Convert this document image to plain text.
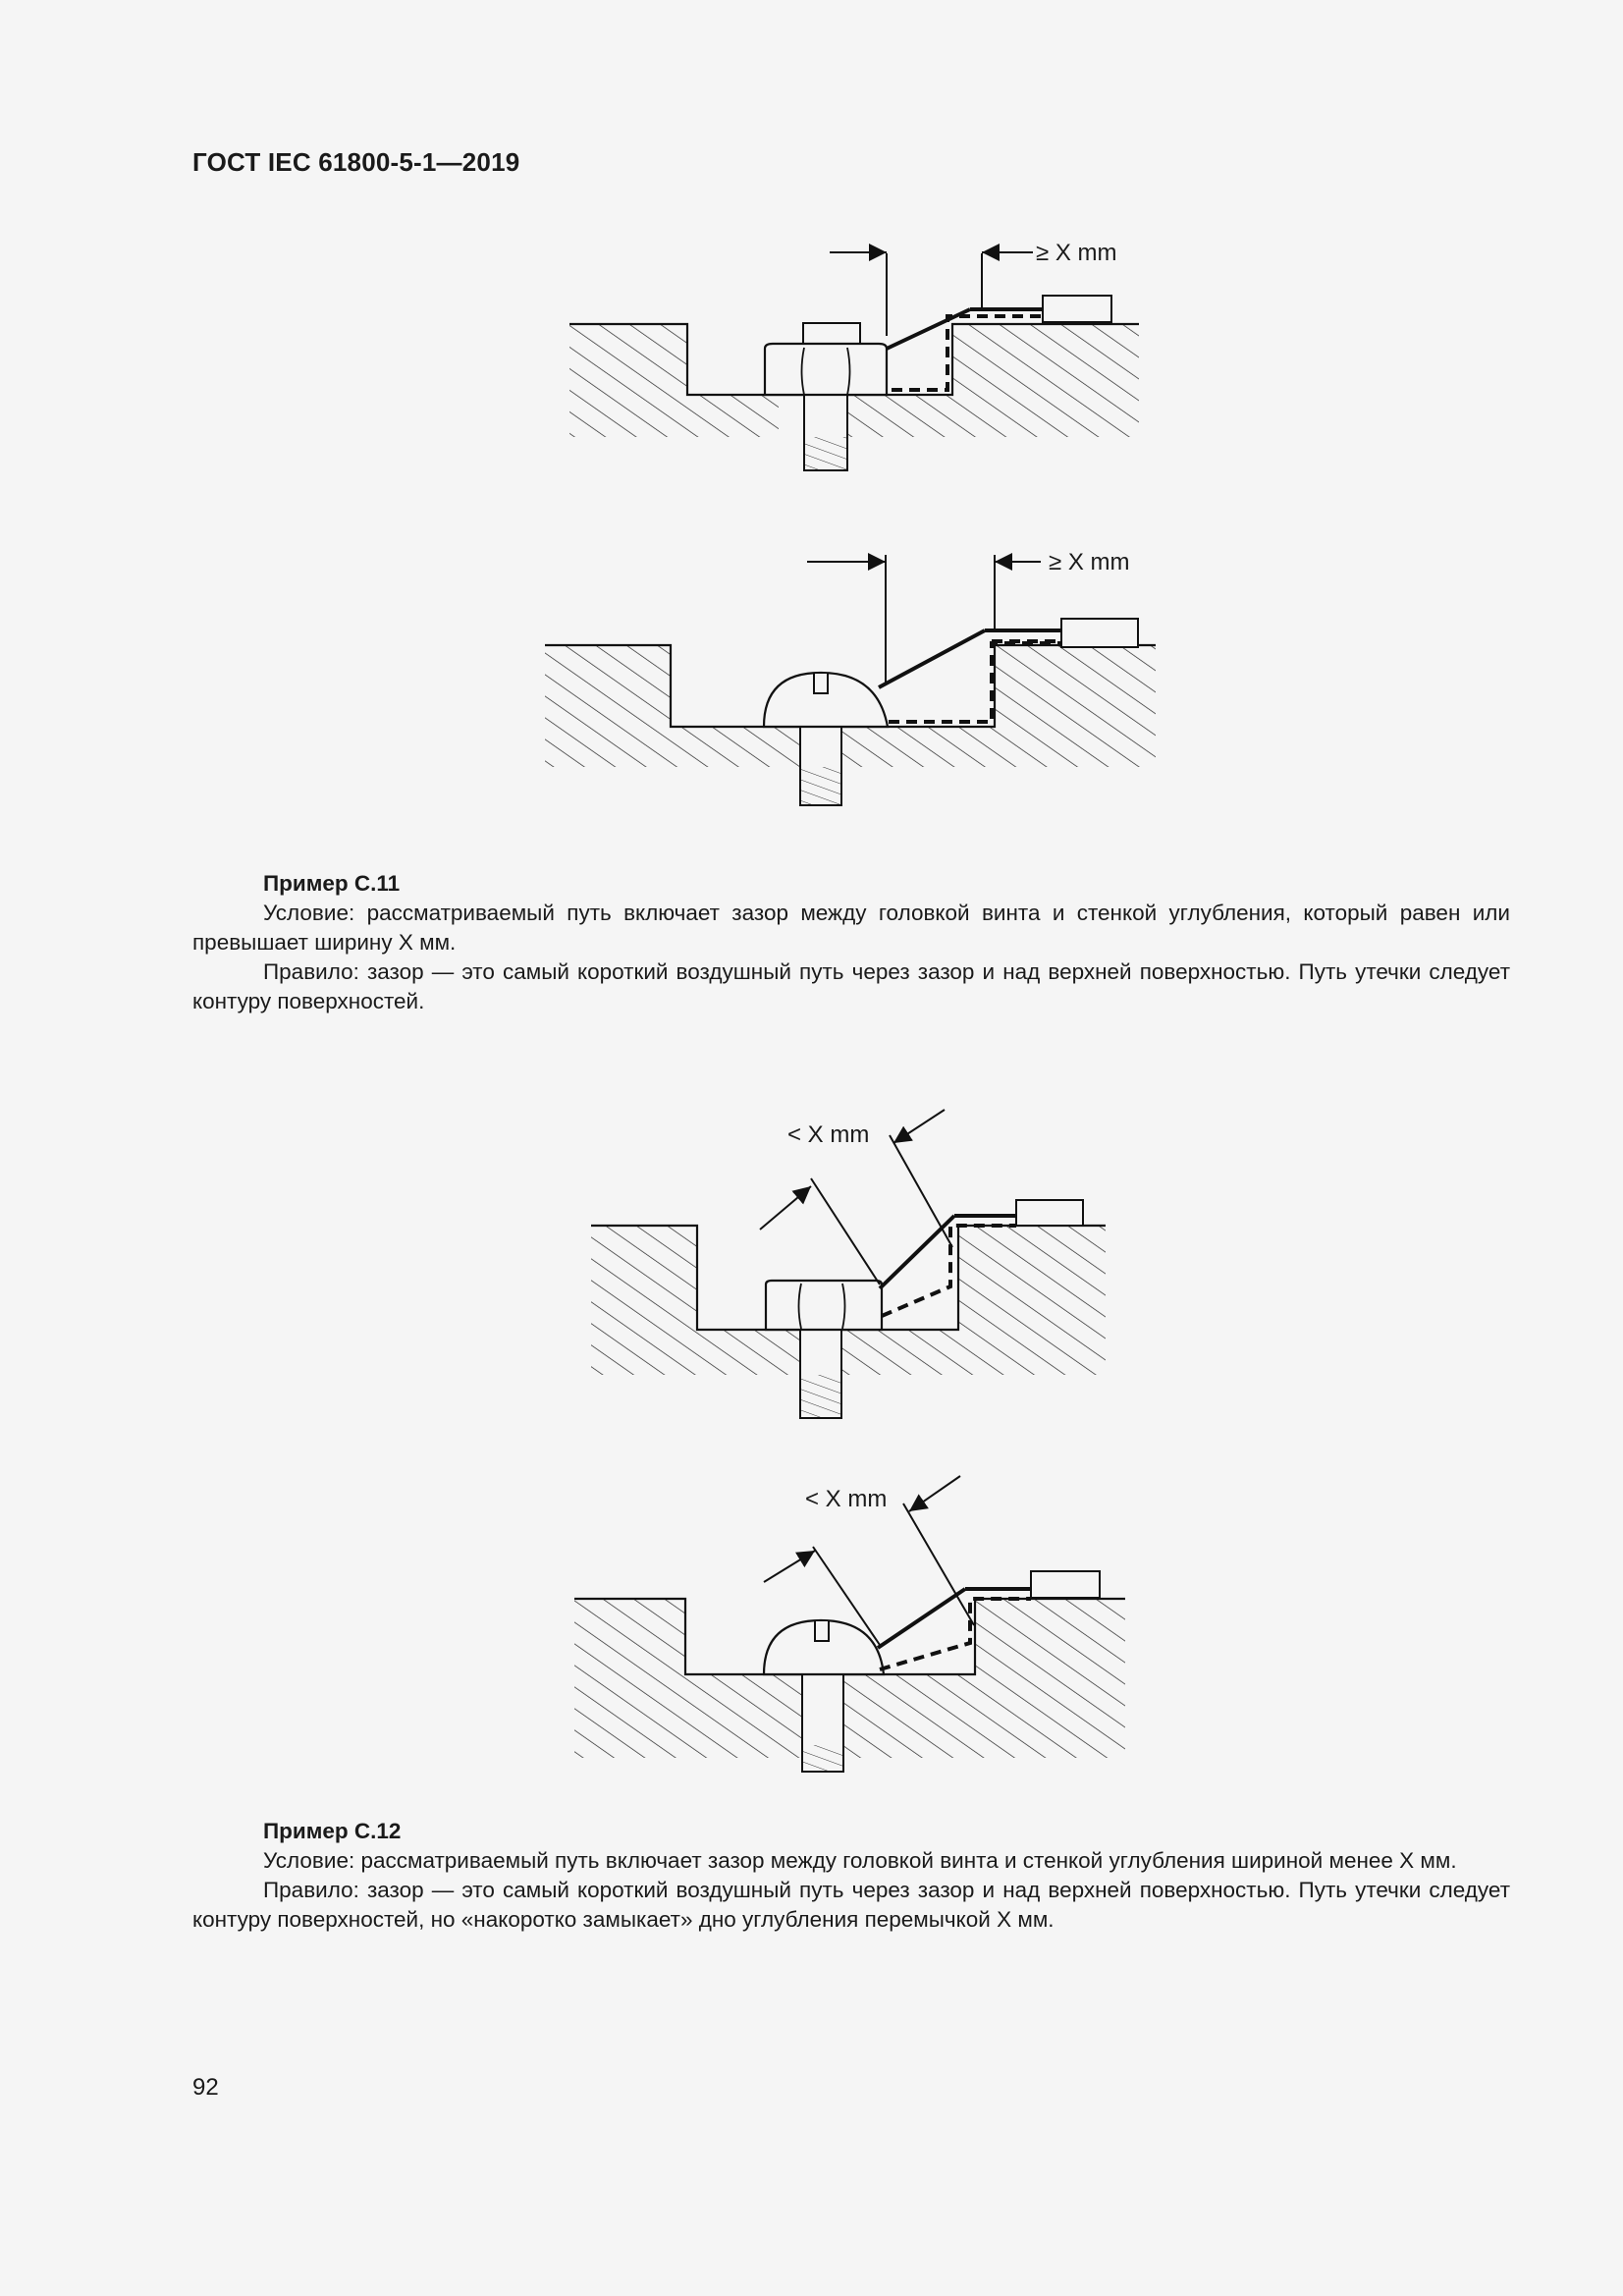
ГОСТ IEC 61800-5-1—2019
≥ X mm
≥ X mm

Пример С.11

Условие: рассматриваемый путь включает зазор между головкой винта и стенкой углубления, который равен или превышает ширину X мм.

Правило: зазор — это самый короткий воздушный путь через зазор и над верхней поверхностью. Путь утечки следует контуру поверхностей.

< X mm
< X mm

Пример С.12

Условие: рассматриваемый путь включает зазор между головкой винта и стенкой углубления шириной менее X мм.

Правило: зазор — это самый короткий воздушный путь через зазор и над верхней поверхностью. Путь утечки следует контуру поверхностей, но «накоротко замыкает» дно углубления перемычкой X мм.

92
